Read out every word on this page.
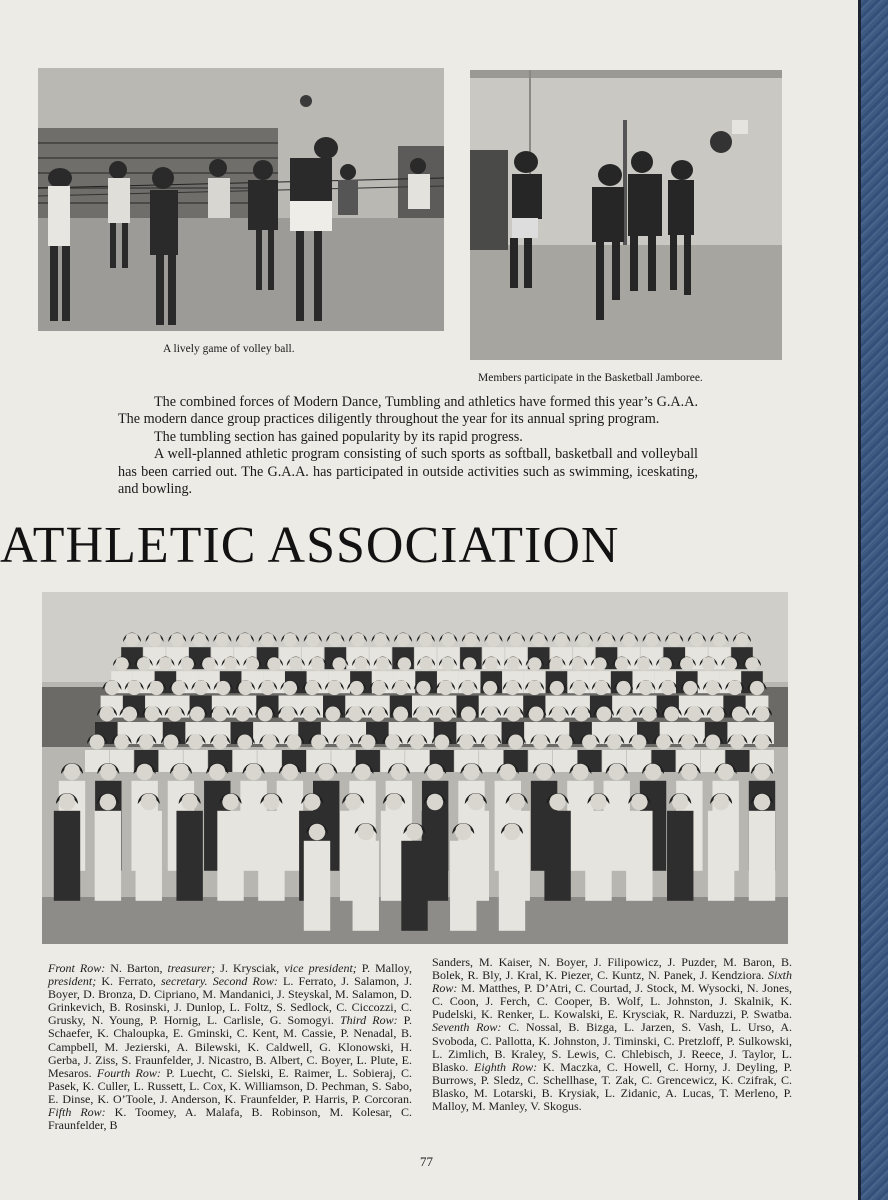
A lively game of volley ball.
Members participate in the Basketball Jamboree.

The combined forces of Modern Dance, Tumbling and athletics have formed this year’s G.A.A. The modern dance group practices diligently throughout the year for its annual spring program.

The tumbling section has gained popularity by its rapid progress.

A well-planned athletic program consisting of such sports as softball, basketball and volleyball has been carried out. The G.A.A. has participated in outside activities such as swimming, iceskating, and bowling.

ATHLETIC ASSOCIATION
Front Row: N. Barton, treasurer; J. Krysciak, vice president; P. Malloy, president; K. Ferrato, secretary. Second Row: L. Ferrato, J. Salamon, J. Boyer, D. Bronza, D. Cipriano, M. Mandanici, J. Steyskal, M. Salamon, D. Grinkevich, B. Rosinski, J. Dunlop, L. Foltz, S. Sedlock, C. Ciccozzi, C. Grusky, N. Young, P. Hornig, L. Carlisle, G. Somogyi. Third Row: P. Schaefer, K. Chaloupka, E. Gminski, C. Kent, M. Cassie, P. Nenadal, B. Campbell, M. Jezierski, A. Bilewski, K. Caldwell, G. Klonowski, H. Gerba, J. Ziss, S. Fraunfelder, J. Nicastro, B. Albert, C. Boyer, L. Plute, E. Mesaros. Fourth Row: P. Luecht, C. Sielski, E. Raimer, L. Sobieraj, C. Pasek, K. Culler, L. Russett, L. Cox, K. Williamson, D. Pechman, S. Sabo, E. Dinse, K. O’Toole, J. Anderson, K. Fraunfelder, P. Harris, P. Corcoran. Fifth Row: K. Toomey, A. Malafa, B. Robinson, M. Kolesar, C. Fraunfelder, B
Sanders, M. Kaiser, N. Boyer, J. Filipowicz, J. Puzder, M. Baron, B. Bolek, R. Bly, J. Kral, K. Piezer, C. Kuntz, N. Panek, J. Kendziora. Sixth Row: M. Matthes, P. D’Atri, C. Courtad, J. Stock, M. Wysocki, N. Jones, C. Coon, J. Ferch, C. Cooper, B. Wolf, L. Johnston, J. Skalnik, K. Pudelski, K. Renker, L. Kowalski, E. Krysciak, R. Narduzzi, P. Swatba. Seventh Row: C. Nossal, B. Bizga, L. Jarzen, S. Vash, L. Urso, A. Svoboda, C. Pallotta, K. Johnston, J. Timinski, C. Pretzloff, P. Sulkowski, L. Zimlich, B. Kraley, S. Lewis, C. Chlebisch, J. Reece, J. Taylor, L. Blasko. Eighth Row: K. Maczka, C. Howell, C. Horny, J. Deyling, P. Burrows, P. Sledz, C. Schellhase, T. Zak, C. Grencewicz, K. Czifrak, C. Blasko, M. Lotarski, B. Krysiak, L. Zidanic, A. Lucas, T. Merleno, P. Malloy, M. Manley, V. Skogus.
77
